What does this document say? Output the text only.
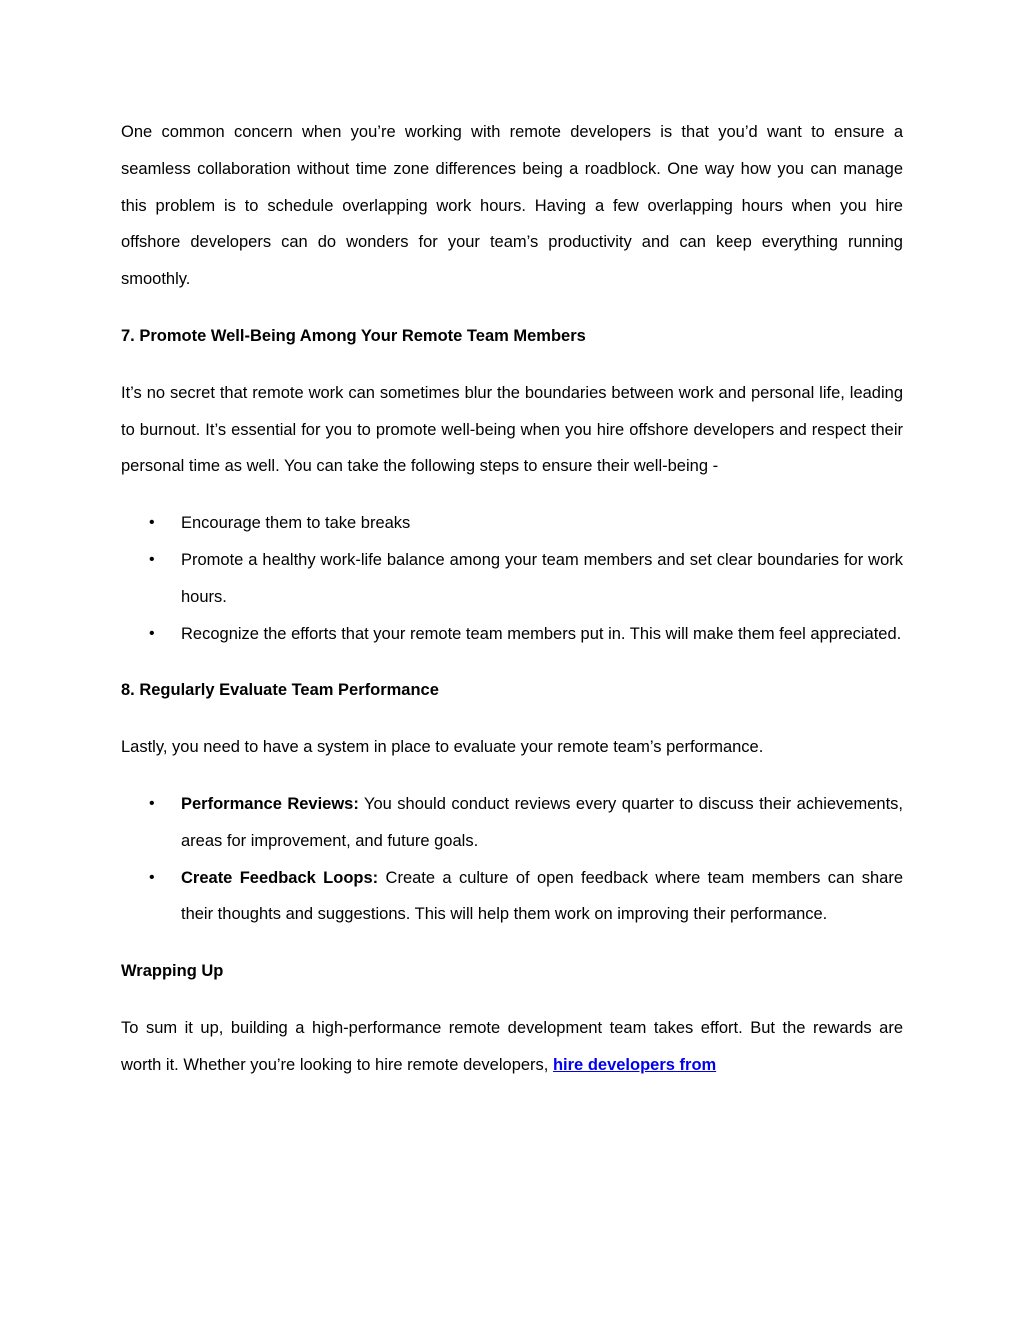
One common concern when you’re working with remote developers is that you’d want to ensure a seamless collaboration without time zone differences being a roadblock. One way how you can manage this problem is to schedule overlapping work hours. Having a few overlapping hours when you hire offshore developers can do wonders for your team’s productivity and can keep everything running smoothly.

7. Promote Well-Being Among Your Remote Team Members

It’s no secret that remote work can sometimes blur the boundaries between work and personal life, leading to burnout. It’s essential for you to promote well-being when you hire offshore developers and respect their personal time as well. You can take the following steps to ensure their well-being -

• Encourage them to take breaks
• Promote a healthy work-life balance among your team members and set clear boundaries for work hours.
• Recognize the efforts that your remote team members put in. This will make them feel appreciated.

8. Regularly Evaluate Team Performance

Lastly, you need to have a system in place to evaluate your remote team’s performance.

• Performance Reviews: You should conduct reviews every quarter to discuss their achievements, areas for improvement, and future goals.
• Create Feedback Loops: Create a culture of open feedback where team members can share their thoughts and suggestions. This will help them work on improving their performance.

Wrapping Up

To sum it up, building a high-performance remote development team takes effort. But the rewards are worth it. Whether you’re looking to hire remote developers, hire developers from
